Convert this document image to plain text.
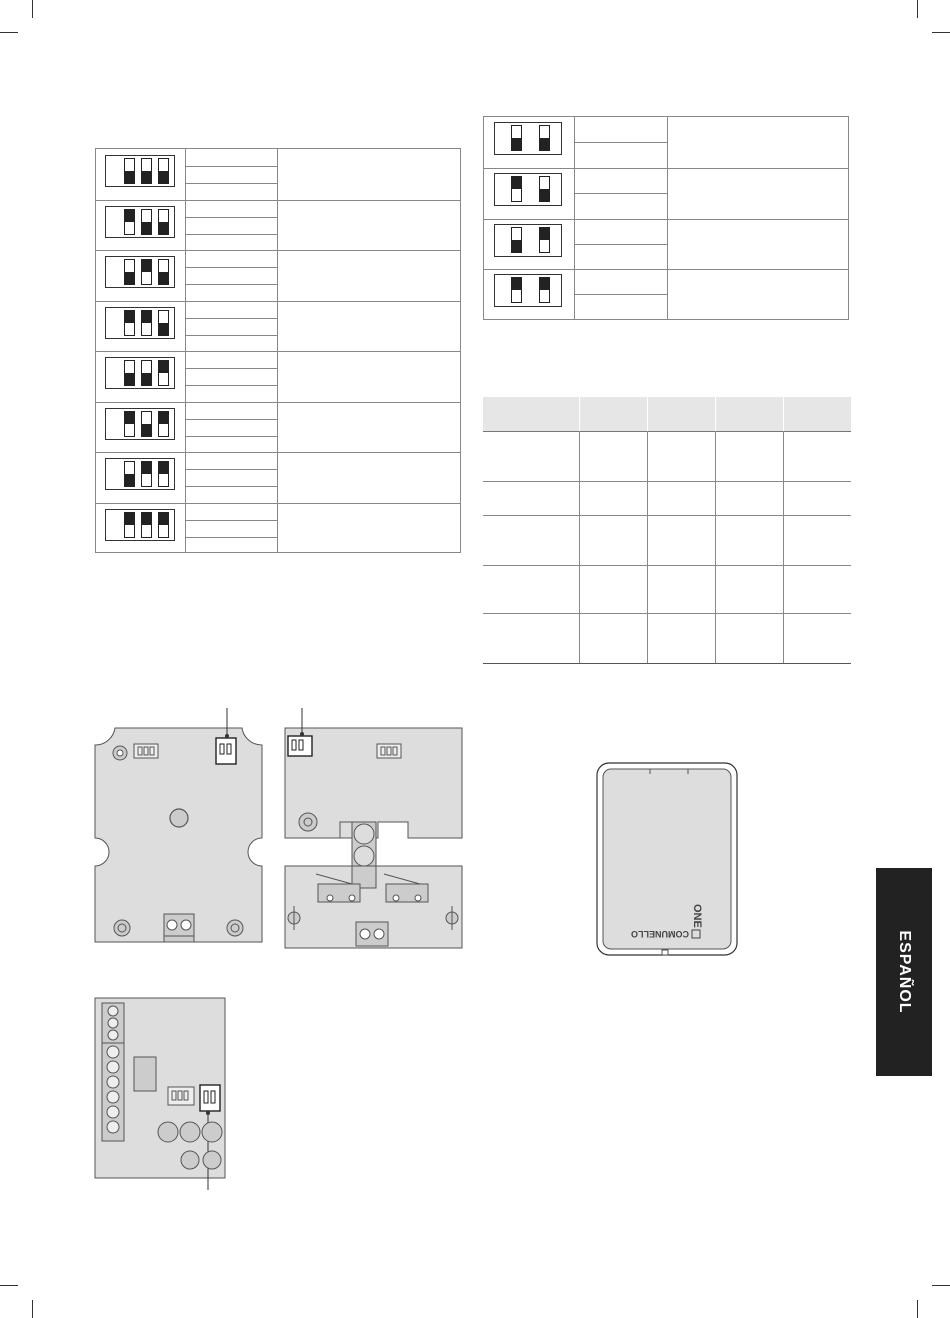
COMUNELLO
ONE
ESPAÑOL
